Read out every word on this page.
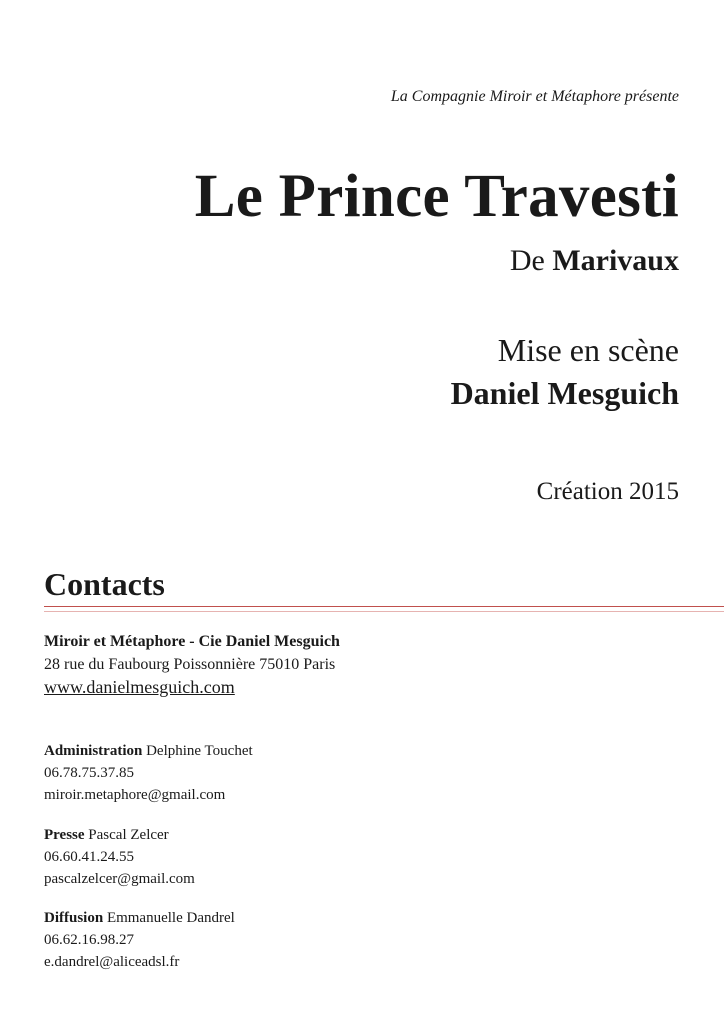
La Compagnie Miroir et Métaphore présente
Le Prince Travesti
De Marivaux
Mise en scène
Daniel Mesguich
Création 2015
Contacts
Miroir et Métaphore - Cie Daniel Mesguich
28 rue du Faubourg Poissonnière 75010 Paris
www.danielmesguich.com
Administration Delphine Touchet
06.78.75.37.85
miroir.metaphore@gmail.com
Presse Pascal Zelcer
06.60.41.24.55
pascalzelcer@gmail.com
Diffusion Emmanuelle Dandrel
06.62.16.98.27
e.dandrel@aliceadsl.fr
